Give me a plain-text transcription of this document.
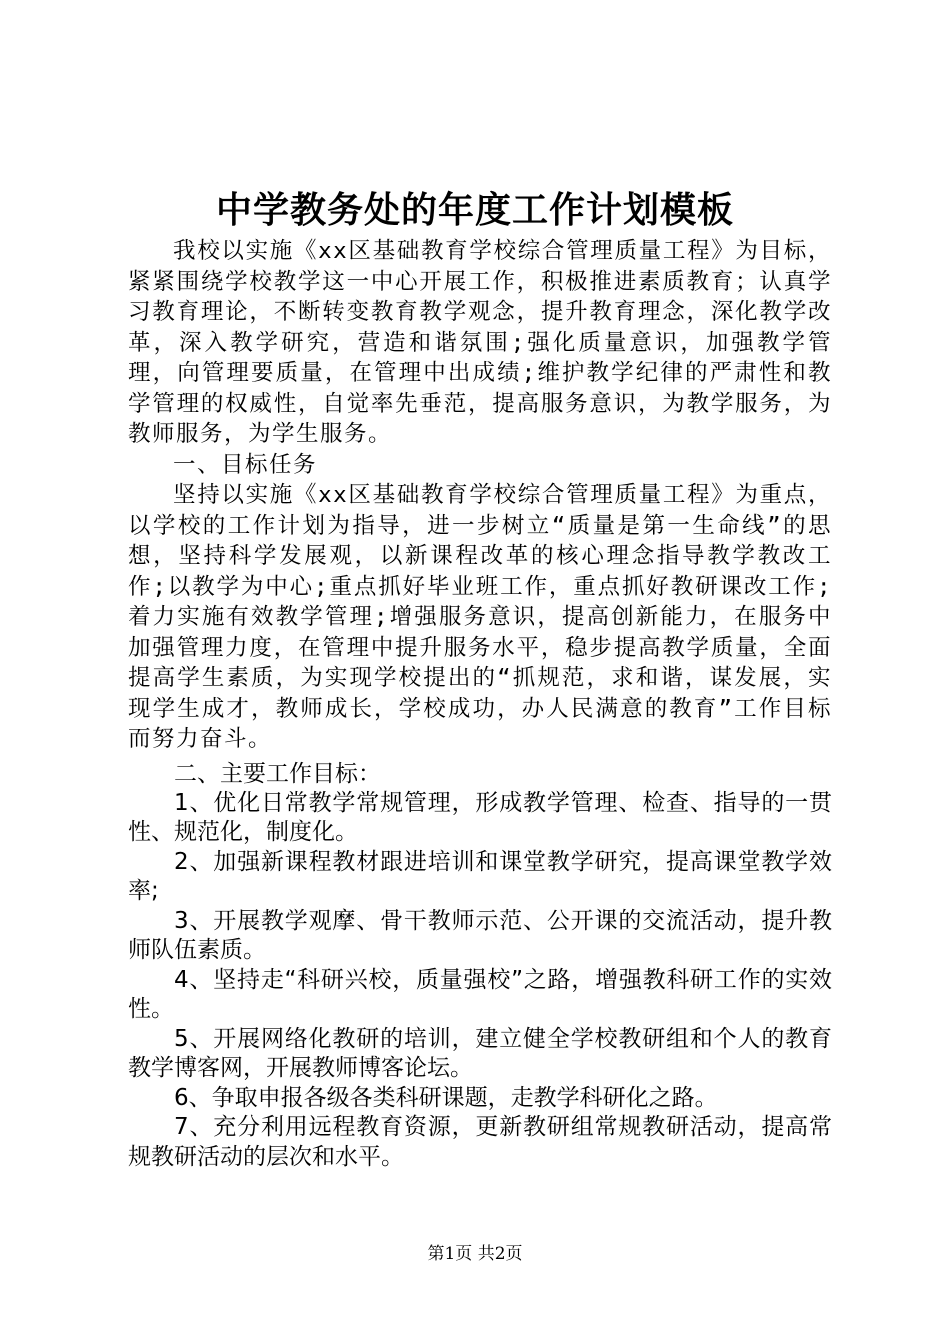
中学教务处的年度工作计划模板

我校以实施《xx区基础教育学校综合管理质量工程》为目标，紧紧围绕学校教学这一中心开展工作，积极推进素质教育；认真学习教育理论，不断转变教育教学观念，提升教育理念，深化教学改革，深入教学研究，营造和谐氛围;强化质量意识，加强教学管理，向管理要质量，在管理中出成绩;维护教学纪律的严肃性和教学管理的权威性，自觉率先垂范，提高服务意识，为教学服务，为教师服务，为学生服务。

一、目标任务

坚持以实施《xx区基础教育学校综合管理质量工程》为重点，以学校的工作计划为指导，进一步树立“质量是第一生命线”的思想，坚持科学发展观，以新课程改革的核心理念指导教学教改工作;以教学为中心;重点抓好毕业班工作，重点抓好教研课改工作;着力实施有效教学管理;增强服务意识，提高创新能力，在服务中加强管理力度，在管理中提升服务水平，稳步提高教学质量，全面提高学生素质，为实现学校提出的“抓规范，求和谐，谋发展，实现学生成才，教师成长，学校成功，办人民满意的教育”工作目标而努力奋斗。

二、主要工作目标：

1、优化日常教学常规管理，形成教学管理、检查、指导的一贯性、规范化，制度化。

2、加强新课程教材跟进培训和课堂教学研究，提高课堂教学效率;

3、开展教学观摩、骨干教师示范、公开课的交流活动，提升教师队伍素质。

4、坚持走“科研兴校，质量强校”之路，增强教科研工作的实效性。

5、开展网络化教研的培训，建立健全学校教研组和个人的教育教学博客网，开展教师博客论坛。

6、争取申报各级各类科研课题，走教学科研化之路。

7、充分利用远程教育资源，更新教研组常规教研活动，提高常规教研活动的层次和水平。

第1页 共2页
